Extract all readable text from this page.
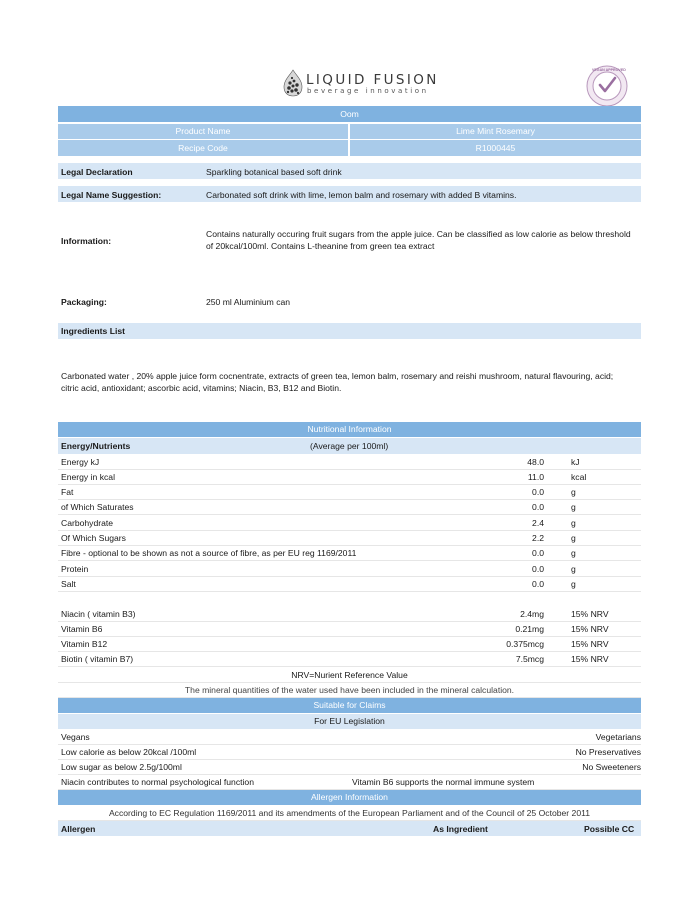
LIQUID FUSION
beverage innovation
VEGAN APPROVED
Oom
Product Name	Lime Mint Rosemary
Recipe Code	R1000445
Legal Declaration	Sparkling botanical based soft drink
Legal Name Suggestion:	Carbonated soft drink with lime, lemon balm and rosemary with added B vitamins.
Information:
Contains naturally occuring fruit sugars from the apple juice. Can be classified as low calorie as below threshold of 20kcal/100ml. Contains L-theanine from green tea extract
Packaging:	250 ml Aluminium can
Ingredients List
Carbonated water , 20% apple juice form cocnentrate, extracts of green tea, lemon balm, rosemary and reishi mushroom, natural flavouring, acid; citric acid, antioxidant; ascorbic acid, vitamins; Niacin, B3, B12 and Biotin.
Nutritional Information
Energy/Nutrients	(Average per 100ml)
Energy kJ	48.0	kJ
Energy in kcal	11.0	kcal
Fat	0.0	g
of Which Saturates	0.0	g
Carbohydrate	2.4	g
Of Which Sugars	2.2	g
Fibre - optional to be shown as not a source of fibre, as per EU reg 1169/2011	0.0	g
Protein	0.0	g
Salt	0.0	g
Niacin ( vitamin B3)	2.4mg	15% NRV
Vitamin B6	0.21mg	15% NRV
Vitamin B12	0.375mcg	15% NRV
Biotin ( vitamin B7)	7.5mcg	15% NRV
NRV=Nurient Reference Value
The mineral quantities of the water used have been included in the mineral calculation.
Suitable for Claims
For EU Legislation
Vegans	Vegetarians
Low calorie as below 20kcal /100ml	No Preservatives
Low sugar as below 2.5g/100ml	No Sweeteners
Niacin contributes to normal psychological function	Vitamin B6 supports the normal immune system
Allergen Information
According to EC Regulation 1169/2011 and its amendments of the European Parliament and of the Council of 25 October 2011
Allergen	As Ingredient	Possible CC
